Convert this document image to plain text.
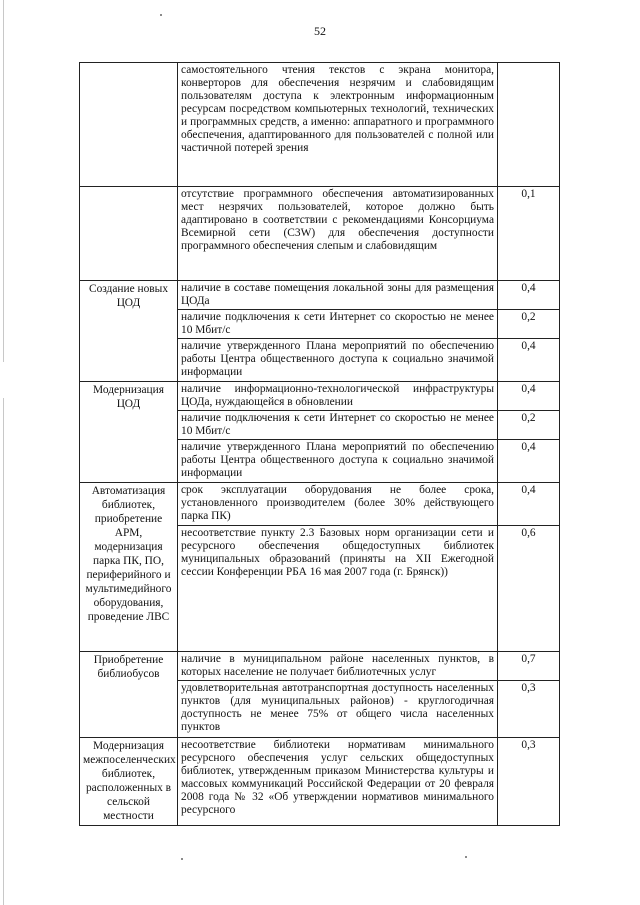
52
	самостоятельного чтения текстов с экрана монитора, конверторов для обеспечения незрячим и слабовидящим пользователям доступа к электронным информационным ресурсам посредством компьютерных технологий, технических и программных средств, а именно: аппаратного и программного обеспечения, адаптированного для пользователей с полной или частичной потерей зрения	
	отсутствие программного обеспечения автоматизированных мест незрячих пользователей, которое должно быть адаптировано в соответствии с рекомендациями Консорциума Всемирной сети (C3W) для обеспечения доступности программного обеспечения слепым и слабовидящим	0,1
Создание новых ЦОД	наличие в составе помещения локальной зоны для размещения ЦОДа	0,4
	наличие подключения к сети Интернет со скоростью не менее 10 Мбит/с	0,2
	наличие утвержденного Плана мероприятий по обеспечению работы Центра общественного доступа к социально значимой информации	0,4
Модернизация ЦОД	наличие информационно-технологической инфраструктуры ЦОДа, нуждающейся в обновлении	0,4
	наличие подключения к сети Интернет со скоростью не менее 10 Мбит/с	0,2
	наличие утвержденного Плана мероприятий по обеспечению работы Центра общественного доступа к социально значимой информации	0,4
Автоматизация библиотек, приобретение АРМ, модернизация парка ПК, ПО, периферийного и мультимедийного оборудования, проведение ЛВС	срок эксплуатации оборудования не более срока, установленного производителем (более 30% действующего парка ПК)	0,4
	несоответствие пункту 2.3 Базовых норм организации сети и ресурсного обеспечения общедоступных библиотек муниципальных образований (приняты на XII Ежегодной сессии Конференции РБА 16 мая 2007 года (г. Брянск))	0,6
Приобретение библиобусов	наличие в муниципальном районе населенных пунктов, в которых население не получает библиотечных услуг	0,7
	удовлетворительная автотранспортная доступность населенных пунктов (для муниципальных районов) - круглогодичная доступность не менее 75% от общего числа населенных пунктов	0,3
Модернизация межпоселенческих библиотек, расположенных в сельской местности	несоответствие библиотеки нормативам минимального ресурсного обеспечения услуг сельских общедоступных библиотек, утвержденным приказом Министерства культуры и массовых коммуникаций Российской Федерации от 20 февраля 2008 года № 32 «Об утверждении нормативов минимального ресурсного	0,3
